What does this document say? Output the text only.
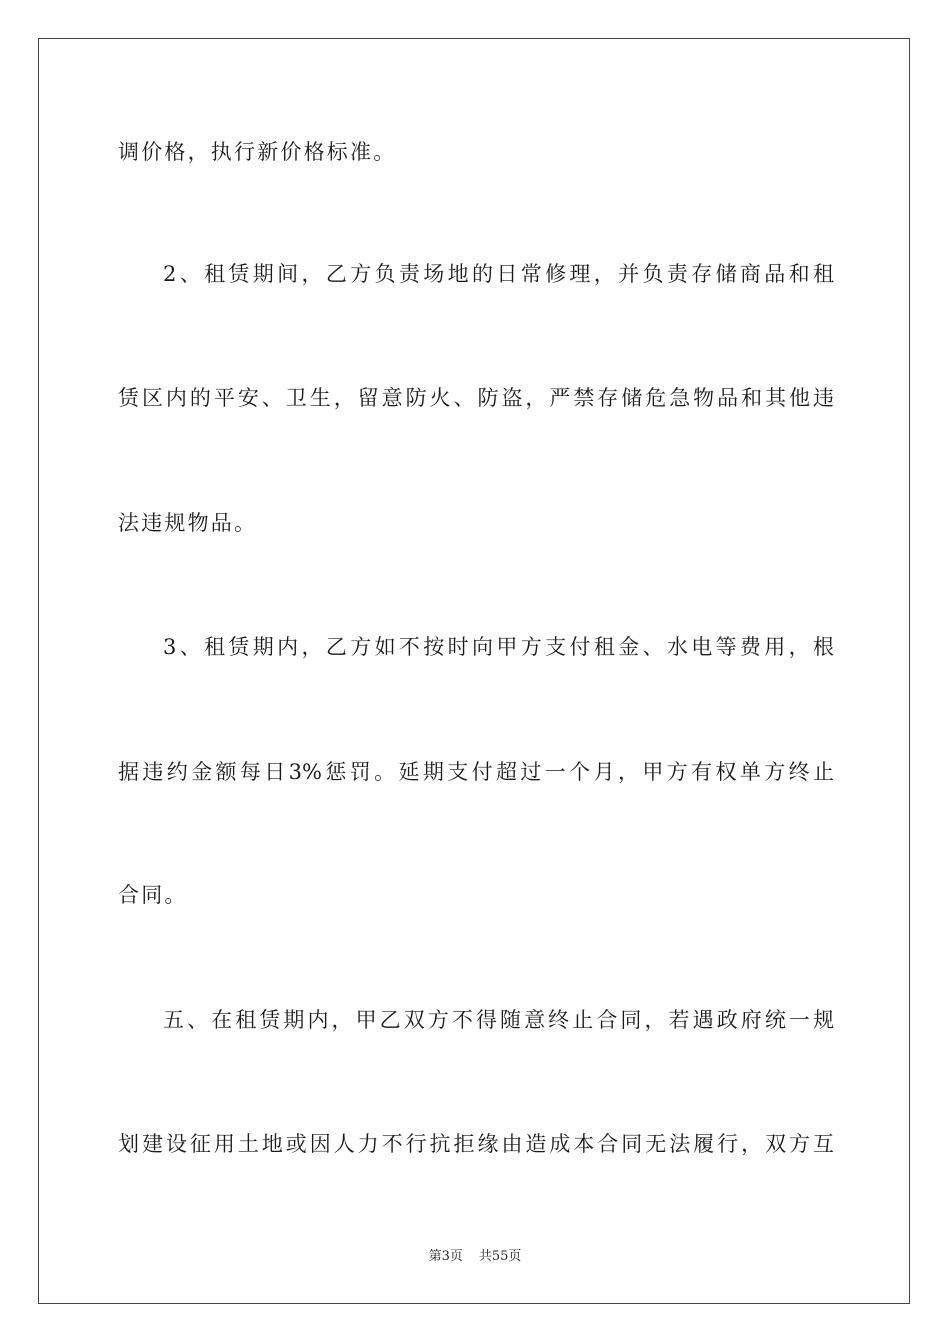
调价格，执行新价格标准。
2、租赁期间，乙方负责场地的日常修理，并负责存储商品和租
赁区内的平安、卫生，留意防火、防盗，严禁存储危急物品和其他违
法违规物品。
3、租赁期内，乙方如不按时向甲方支付租金、水电等费用，根
据违约金额每日3%惩罚。延期支付超过一个月，甲方有权单方终止
合同。
五、在租赁期内，甲乙双方不得随意终止合同，若遇政府统一规
划建设征用土地或因人力不行抗拒缘由造成本合同无法履行，双方互
第3页 共55页
